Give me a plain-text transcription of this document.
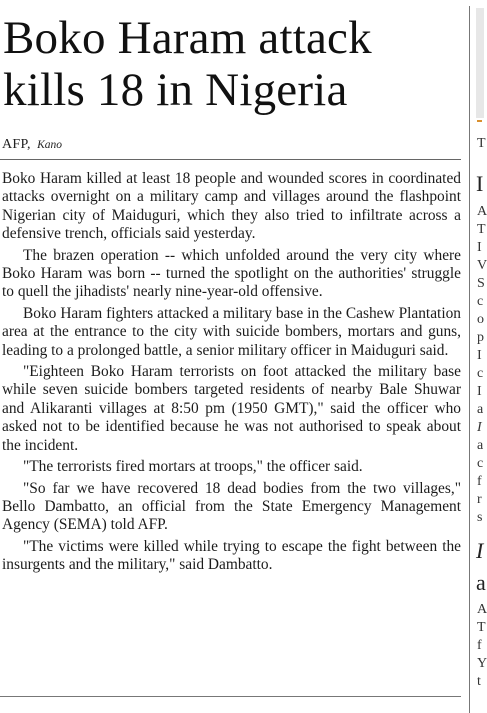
Boko Haram attack kills 18 in Nigeria
AFP, Kano

Boko Haram killed at least 18 people and wounded scores in coordinated attacks overnight on a military camp and villages around the flashpoint Nigerian city of Maiduguri, which they also tried to infiltrate across a defensive trench, officials said yesterday.

The brazen operation -- which unfolded around the very city where Boko Haram was born -- turned the spotlight on the authorities' struggle to quell the jihadists' nearly nine-year-old offensive.

Boko Haram fighters attacked a military base in the Cashew Plantation area at the entrance to the city with suicide bombers, mortars and guns, leading to a prolonged battle, a senior military officer in Maiduguri said.

"Eighteen Boko Haram terrorists on foot attacked the military base while seven suicide bombers targeted residents of nearby Bale Shuwar and Alikaranti villages at 8:50 pm (1950 GMT)," said the officer who asked not to be identified because he was not authorised to speak about the incident.

"The terrorists fired mortars at troops," the officer said.

"So far we have recovered 18 dead bodies from the two villages," Bello Dambatto, an official from the State Emergency Management Agency (SEMA) told AFP.

"The victims were killed while trying to escape the fight between the insurgents and the military," said Dambatto.

T
I
A
T
I
V
S
c
o
p
I
c
I
a
I
a
c
f
r
s
I
a
A
T
f
Y
t
